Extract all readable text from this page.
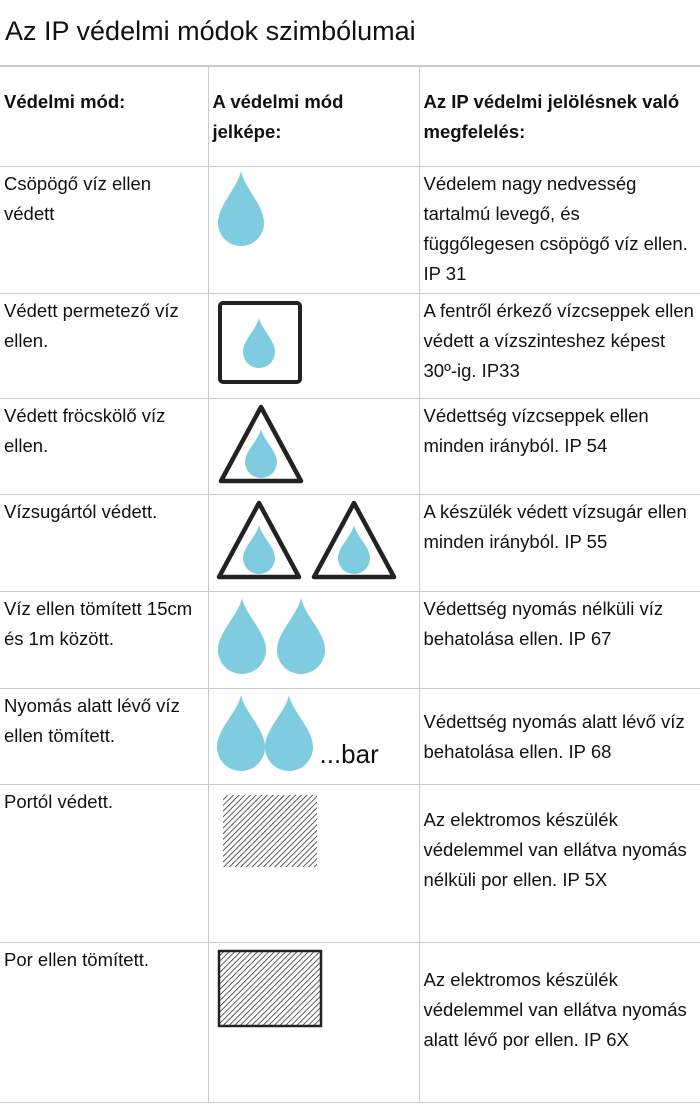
Az IP védelmi módok szimbólumai
Védelmi mód:	A védelmi mód jelképe:	Az IP védelmi jelölésnek való megfelelés:
Csöpögő víz ellen védett		Védelem nagy nedvesség tartalmú levegő, és függőlegesen csöpögő víz ellen. IP 31
Védett permetező víz ellen.		A fentről érkező vízcseppek ellen védett a vízszinteshez képest 30º-ig. IP33
Védett fröcskölő víz ellen.		Védettség vízcseppek ellen minden irányból. IP 54
Vízsugártól védett.		A készülék védett vízsugár ellen minden irányból. IP 55
Víz ellen tömített 15cm és 1m között.		Védettség nyomás nélküli víz behatolása ellen. IP 67
Nyomás alatt lévő víz ellen tömített.	...bar	Védettség nyomás alatt lévő víz behatolása ellen. IP 68
Portól védett.		Az elektromos készülék védelemmel van ellátva nyomás nélküli por ellen. IP 5X
Por ellen tömített.		Az elektromos készülék védelemmel van ellátva nyomás alatt lévő por ellen. IP 6X
